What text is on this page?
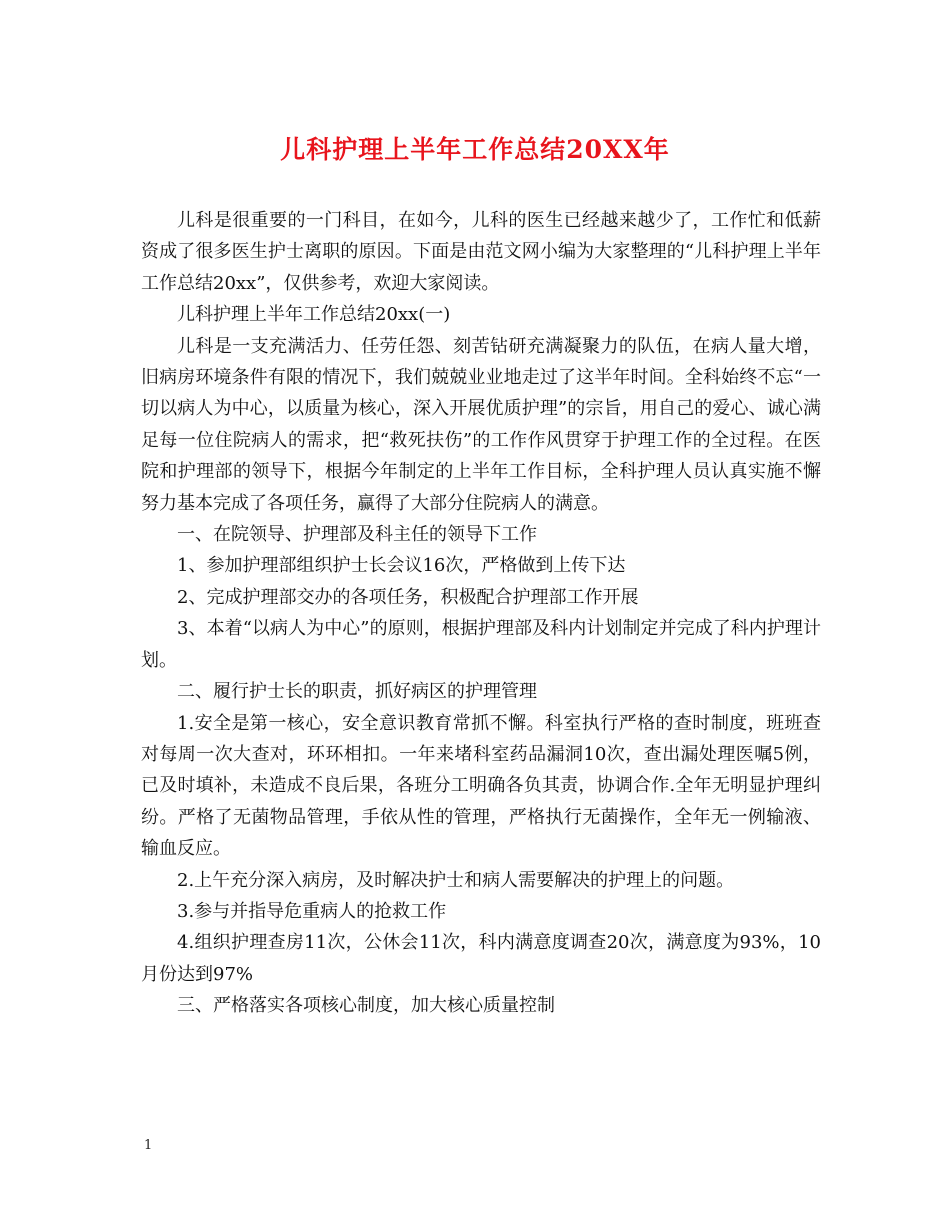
儿科护理上半年工作总结20XX年

儿科是很重要的一门科目，在如今，儿科的医生已经越来越少了，工作忙和低薪资成了很多医生护士离职的原因。下面是由范文网小编为大家整理的“儿科护理上半年工作总结20xx”，仅供参考，欢迎大家阅读。

儿科护理上半年工作总结20xx(一)

儿科是一支充满活力、任劳任怨、刻苦钻研充满凝聚力的队伍，在病人量大增，旧病房环境条件有限的情况下，我们兢兢业业地走过了这半年时间。全科始终不忘“一切以病人为中心，以质量为核心，深入开展优质护理”的宗旨，用自己的爱心、诚心满足每一位住院病人的需求，把“救死扶伤”的工作作风贯穿于护理工作的全过程。在医院和护理部的领导下，根据今年制定的上半年工作目标，全科护理人员认真实施不懈努力基本完成了各项任务，赢得了大部分住院病人的满意。

一、在院领导、护理部及科主任的领导下工作

1、参加护理部组织护士长会议16次，严格做到上传下达

2、完成护理部交办的各项任务，积极配合护理部工作开展

3、本着“以病人为中心”的原则，根据护理部及科内计划制定并完成了科内护理计划。

二、履行护士长的职责，抓好病区的护理管理

1.安全是第一核心，安全意识教育常抓不懈。科室执行严格的查时制度，班班查对每周一次大查对，环环相扣。一年来堵科室药品漏洞10次，查出漏处理医嘱5例，已及时填补，未造成不良后果，各班分工明确各负其责，协调合作.全年无明显护理纠纷。严格了无菌物品管理，手依从性的管理，严格执行无菌操作，全年无一例输液、输血反应。

2.上午充分深入病房，及时解决护士和病人需要解决的护理上的问题。

3.参与并指导危重病人的抢救工作

4.组织护理查房11次，公休会11次，科内满意度调查20次，满意度为93%，10月份达到97%

三、严格落实各项核心制度，加大核心质量控制

1
